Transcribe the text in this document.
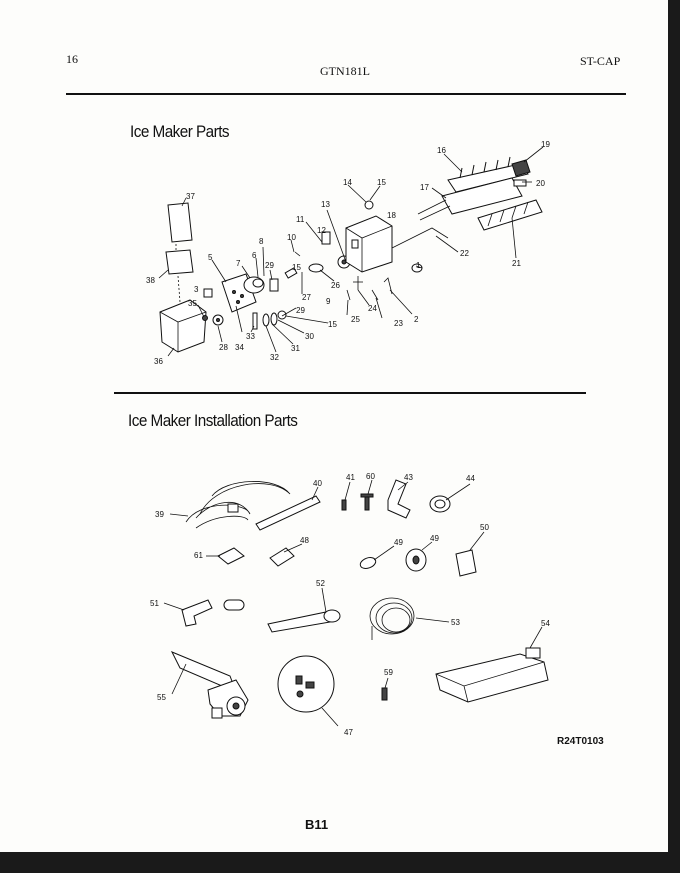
16
GTN181L
ST-CAP
Ice Maker Parts
Ice Maker Installation Parts
1
2
3
5	6
7
8
9
10
11
12
13
14	15
15
15
16
17
18
19
20
21
22
23
24
25
26
27
28
29
29
30
31
32
33
34
35
36
37
38
39
40
41	43	44
47
48	49	49
50
51
52
53	54
55
59
60
61
R24T0103
B11
